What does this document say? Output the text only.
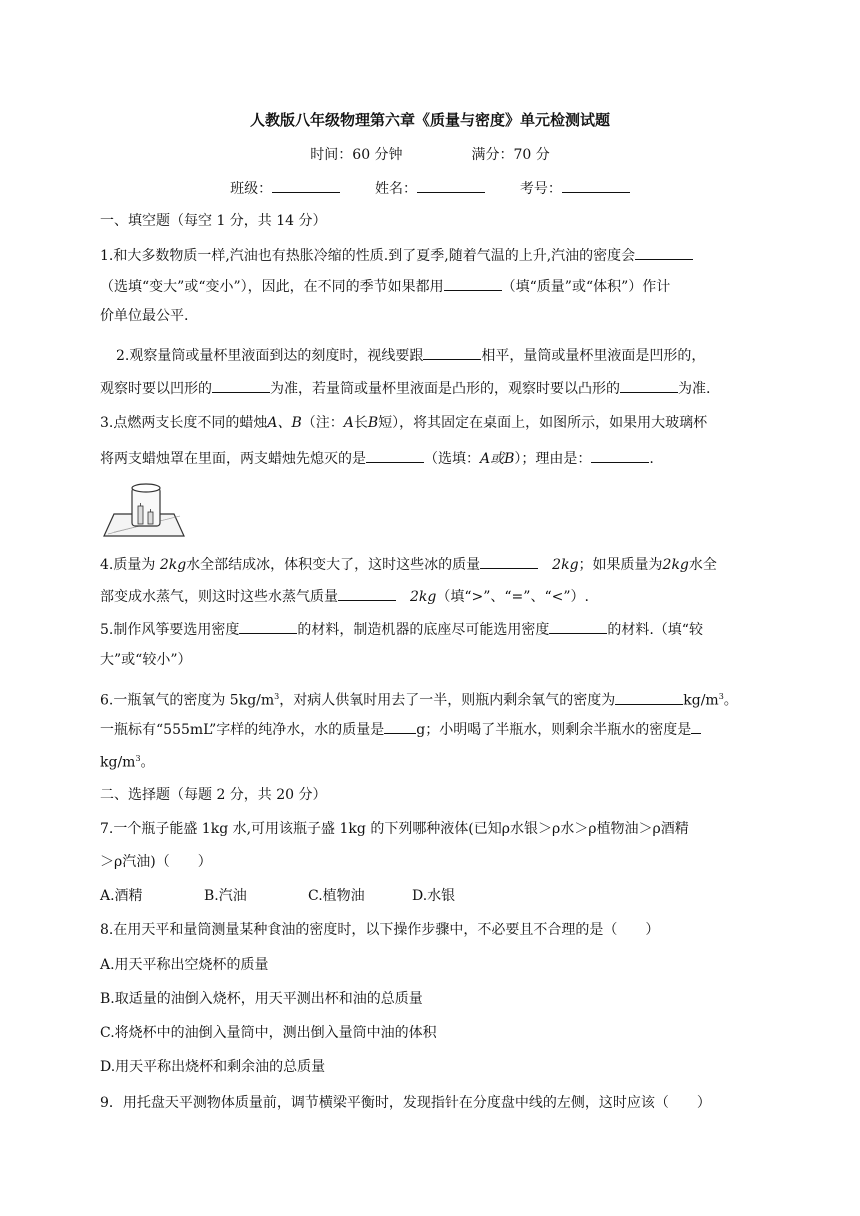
人教版八年级物理第六章《质量与密度》单元检测试题
时间：60 分钟	满分：70 分
班级：	姓名：	考号：
一、填空题（每空 1 分，共 14 分）
1.和大多数物质一样,汽油也有热胀冷缩的性质.到了夏季,随着气温的上升,汽油的密度会
（选填“变大”或“变小”），因此，在不同的季节如果都用	（填“质量”或“体积”）作计
价单位最公平.
2.观察量筒或量杯里液面到达的刻度时，视线要跟	相平，量筒或量杯里液面是凹形的，
观察时要以凹形的	为准，若量筒或量杯里液面是凸形的，观察时要以凸形的	为准.
3.点燃两支长度不同的蜡烛A、B（注：A长B短），将其固定在桌面上，如图所示，如果用大玻璃杯
将两支蜡烛罩在里面，两支蜡烛先熄灭的是	（选填：A或B）；理由是：	.
4.质量为 2kg水全部结成冰，体积变大了，这时这些冰的质量　	2kg；如果质量为2kg水全
部变成水蒸气，则这时这些水蒸气质量　	2kg（填“>”、“=”、“<”）.
5.制作风筝要选用密度	的材料，制造机器的底座尽可能选用密度	的材料.（填“较
大”或“较小”）
6.一瓶氧气的密度为 $5kg/m^3$，对病人供氧时用去了一半，则瓶内剩余氧气的密度为	$kg/m^3$。
一瓶标有“555mL”字样的纯净水，水的质量是 g；小明喝了半瓶水，则剩余半瓶水的密度是
$kg/m^3$。
二、选择题（每题 2 分，共 20 分）
7.一个瓶子能盛 1kg 水,可用该瓶子盛 1kg 的下列哪种液体(已知ρ水银＞ρ水＞ρ植物油＞ρ酒精
＞ρ汽油)（　　）
A.酒精	B.汽油	C.植物油	D.水银
8.在用天平和量筒测量某种食油的密度时，以下操作步骤中，不必要且不合理的是（　　）
A.用天平称出空烧杯的质量
B.取适量的油倒入烧杯，用天平测出杯和油的总质量
C.将烧杯中的油倒入量筒中，测出倒入量筒中油的体积
D.用天平称出烧杯和剩余油的总质量
9．用托盘天平测物体质量前，调节横梁平衡时，发现指针在分度盘中线的左侧，这时应该（　　）
